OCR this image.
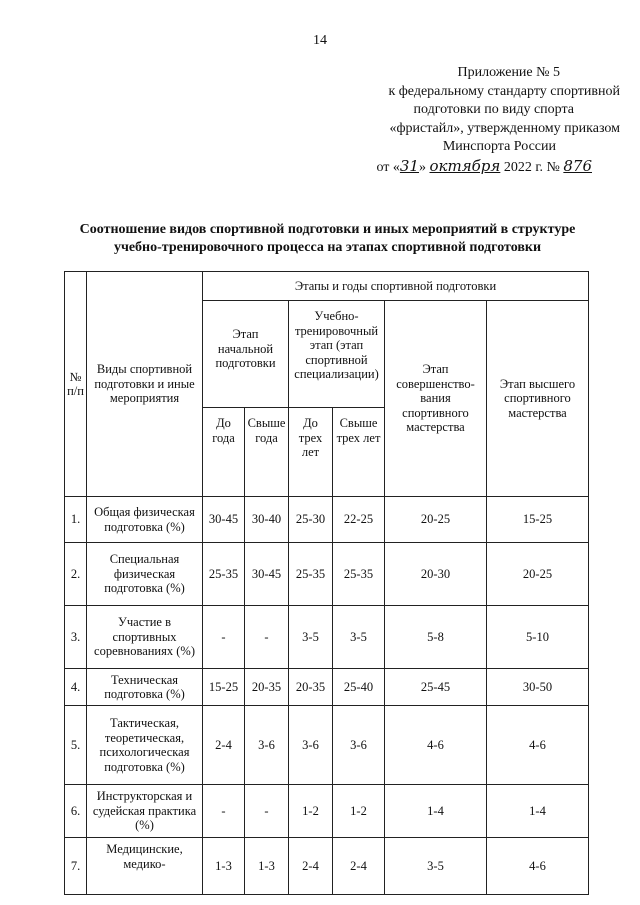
14
Приложение № 5
к федеральному стандарту спортивной
подготовки по виду спорта
«фристайл», утвержденному приказом
Минспорта России
от «31» октября 2022 г. № 876
Соотношение видов спортивной подготовки и иных мероприятий в структуре
учебно-тренировочного процесса на этапах спортивной подготовки
№ п/п	Виды спортивной подготовки и иные мероприятия	Этапы и годы спортивной подготовки					
		Этап начальной подготовки		Учебно-тренировочный этап (этап спортивной специализации)		Этап совершенство-вания спортивного мастерства	Этап высшего спортивного мастерства
		До года	Свыше года	До трех лет	Свыше трех лет		
1.	Общая физическая подготовка (%)	30-45	30-40	25-30	22-25	20-25	15-25
2.	Специальная физическая подготовка (%)	25-35	30-45	25-35	25-35	20-30	20-25
3.	Участие в спортивных соревнованиях (%)	-	-	3-5	3-5	5-8	5-10
4.	Техническая подготовка (%)	15-25	20-35	20-35	25-40	25-45	30-50
5.	Тактическая, теоретическая, психологическая подготовка (%)	2-4	3-6	3-6	3-6	4-6	4-6
6.	Инструкторская и судейская практика (%)	-	-	1-2	1-2	1-4	1-4
7.	Медицинские, медико-	1-3	1-3	2-4	2-4	3-5	4-6
